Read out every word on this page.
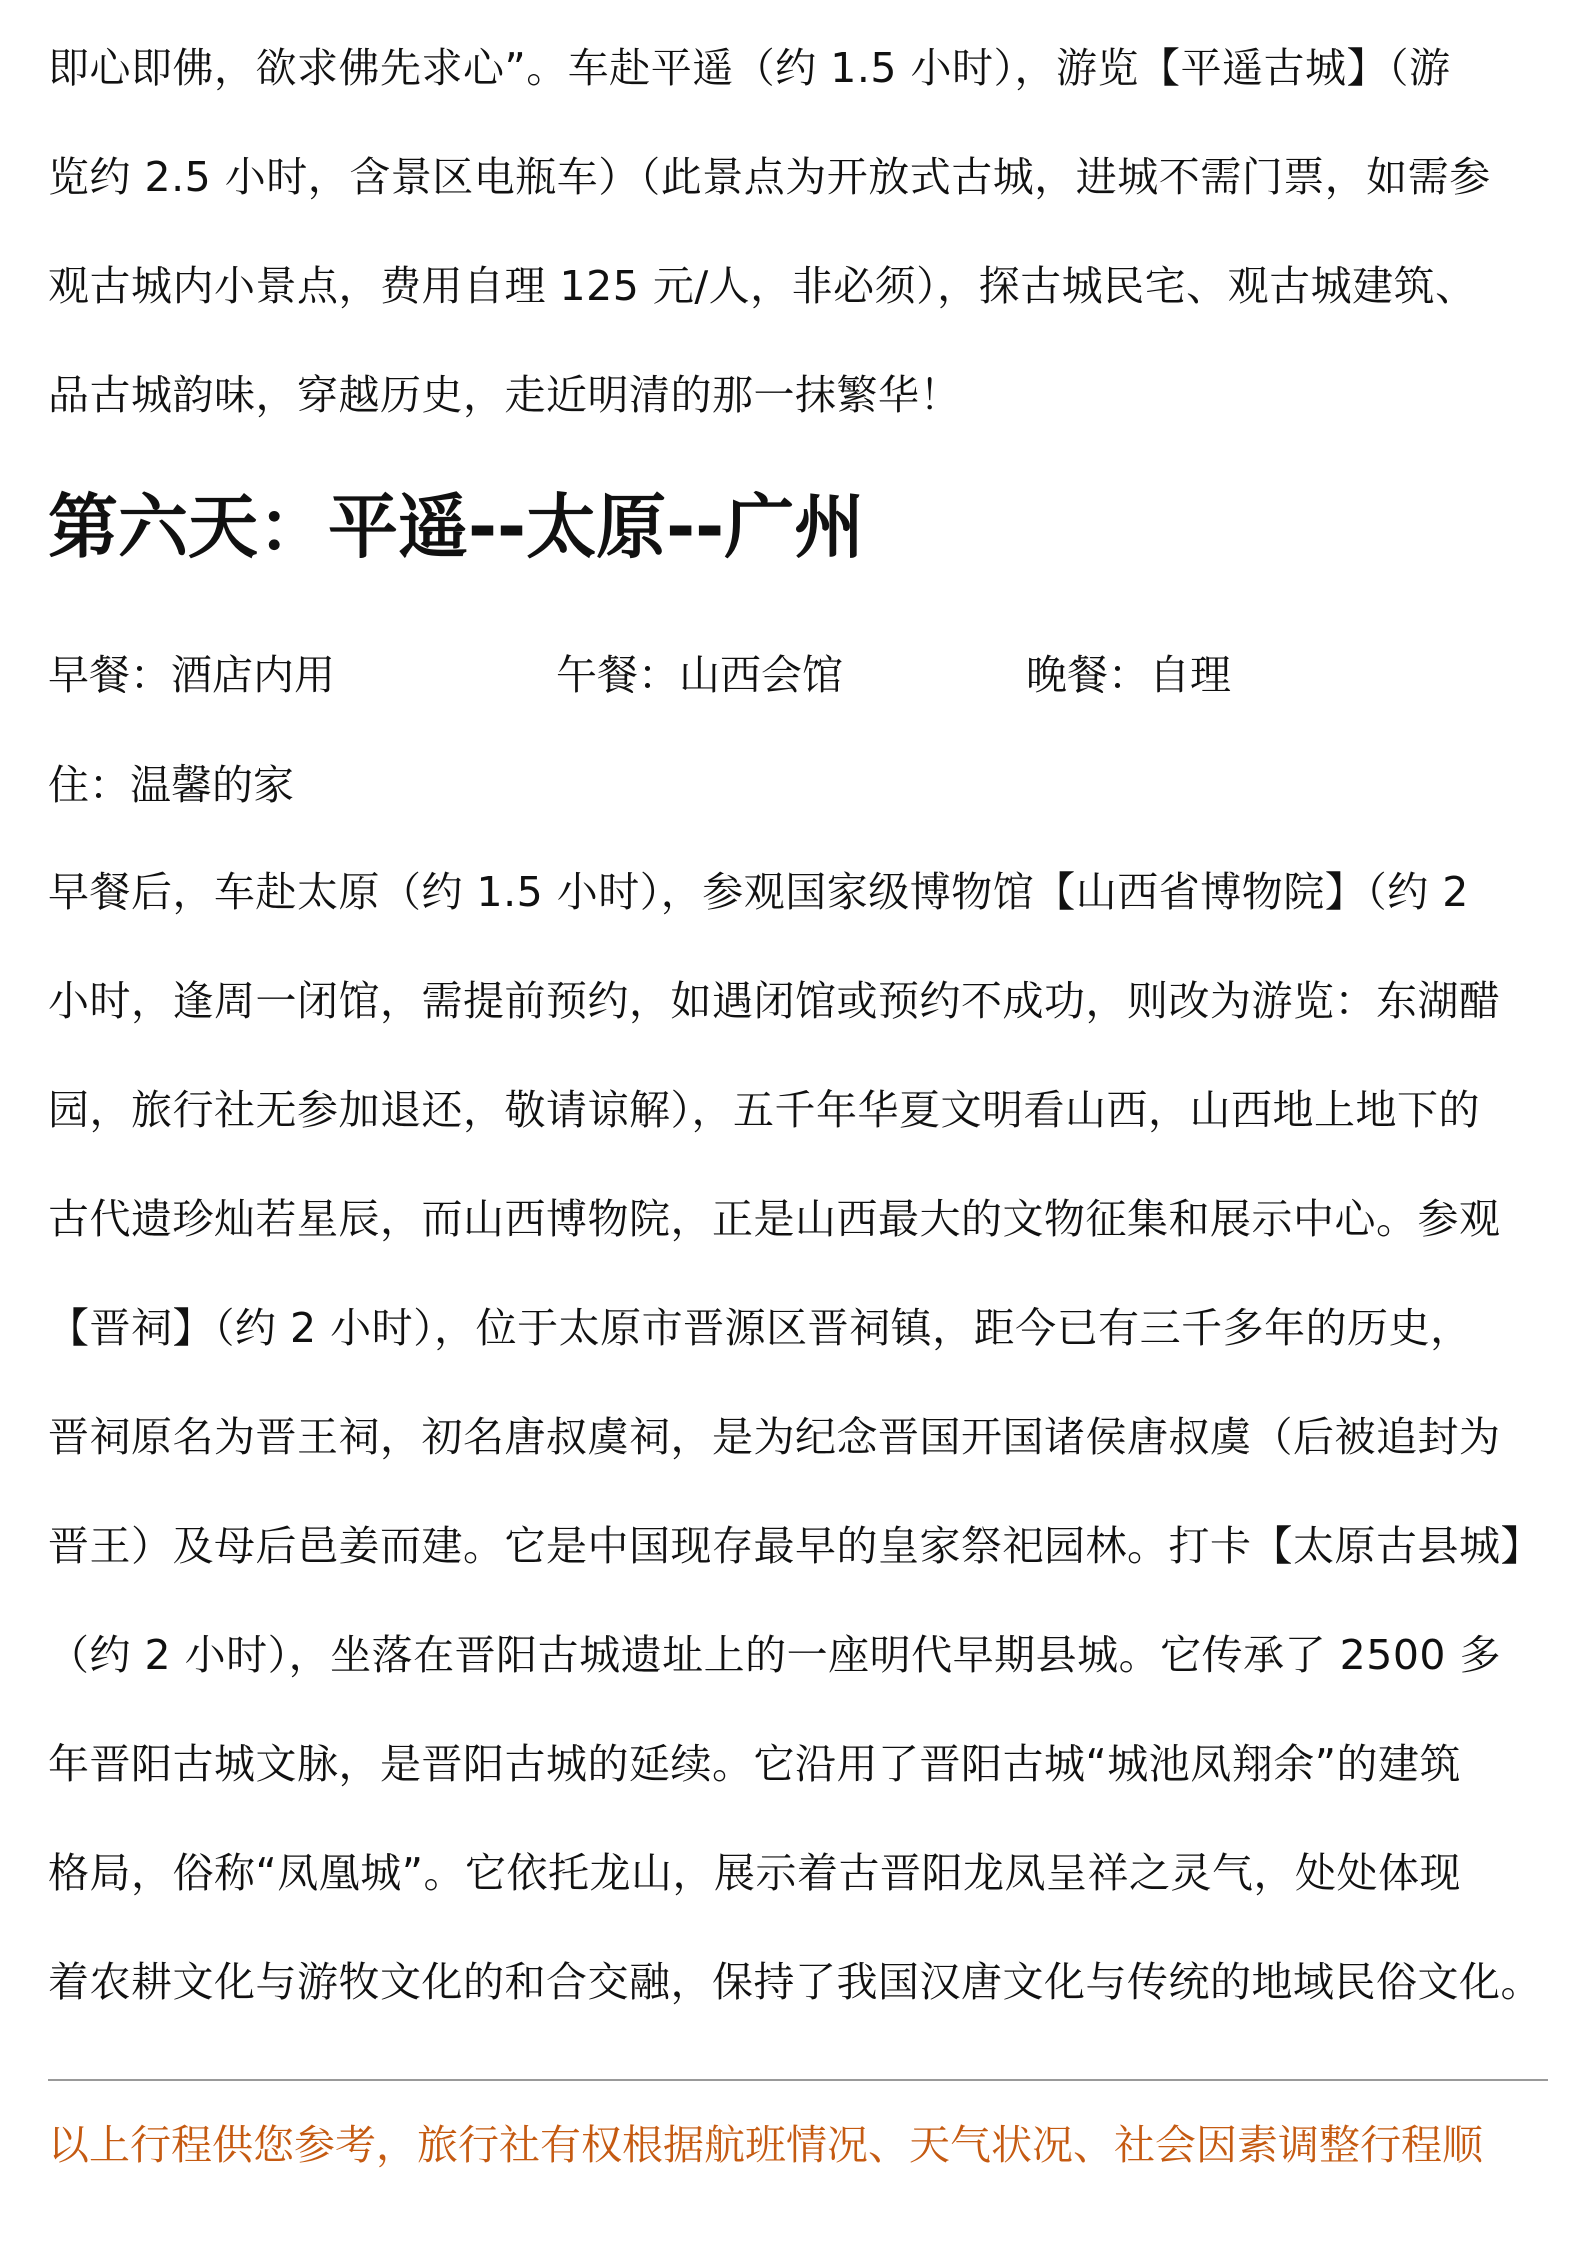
即心即佛，欲求佛先求心”。车赴平遥（约 1.5 小时），游览【平遥古城】（游
览约 2.5 小时，含景区电瓶车）（此景点为开放式古城，进城不需门票，如需参
观古城内小景点，费用自理 125 元/人，非必须），探古城民宅、观古城建筑、
品古城韵味，穿越历史，走近明清的那一抹繁华！
第六天：平遥--太原--广州
早餐：酒店内用	午餐：山西会馆	晚餐：自理
住：温馨的家
早餐后，车赴太原（约 1.5 小时），参观国家级博物馆【山西省博物院】（约 2
小时，逢周一闭馆，需提前预约，如遇闭馆或预约不成功，则改为游览：东湖醋
园，旅行社无参加退还，敬请谅解），五千年华夏文明看山西，山西地上地下的
古代遗珍灿若星辰，而山西博物院，正是山西最大的文物征集和展示中心。参观
【晋祠】（约 2 小时），位于太原市晋源区晋祠镇，距今已有三千多年的历史，
晋祠原名为晋王祠，初名唐叔虞祠，是为纪念晋国开国诸侯唐叔虞（后被追封为
晋王）及母后邑姜而建。它是中国现存最早的皇家祭祀园林。打卡【太原古县城】
（约 2 小时），坐落在晋阳古城遗址上的一座明代早期县城。它传承了 2500 多
年晋阳古城文脉，是晋阳古城的延续。它沿用了晋阳古城“城池凤翔余”的建筑
格局，俗称“凤凰城”。它依托龙山，展示着古晋阳龙凤呈祥之灵气，处处体现
着农耕文化与游牧文化的和合交融，保持了我国汉唐文化与传统的地域民俗文化。
以上行程供您参考，旅行社有权根据航班情况、天气状况、社会因素调整行程顺
